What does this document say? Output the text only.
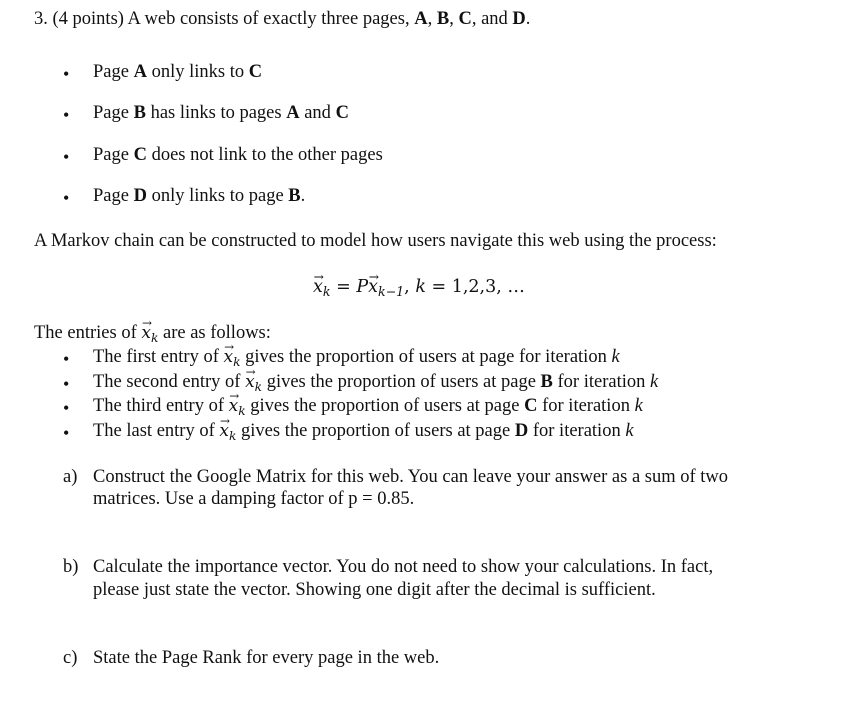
3. (4 points) A web consists of exactly three pages, A, B, C, and D.
• Page A only links to C
• Page B has links to pages A and C
• Page C does not link to the other pages
• Page D only links to page B.
A Markov chain can be constructed to model how users navigate this web using the process:
→ $x_k = P\to x_{k-1}$, k = 1,2,3, …
The entries of → $x_k$ are as follows:
• The first entry of → $x_k$ gives the proportion of users at page for iteration k
• The second entry of → $x_k$ gives the proportion of users at page B for iteration k
• The third entry of → $x_k$ gives the proportion of users at page C for iteration k
• The last entry of → $x_k$ gives the proportion of users at page D for iteration k
a) Construct the Google Matrix for this web. You can leave your answer as a sum of two
matrices. Use a damping factor of p = 0.85.
b) Calculate the importance vector. You do not need to show your calculations. In fact,
please just state the vector. Showing one digit after the decimal is sufficient.
c) State the Page Rank for every page in the web.
